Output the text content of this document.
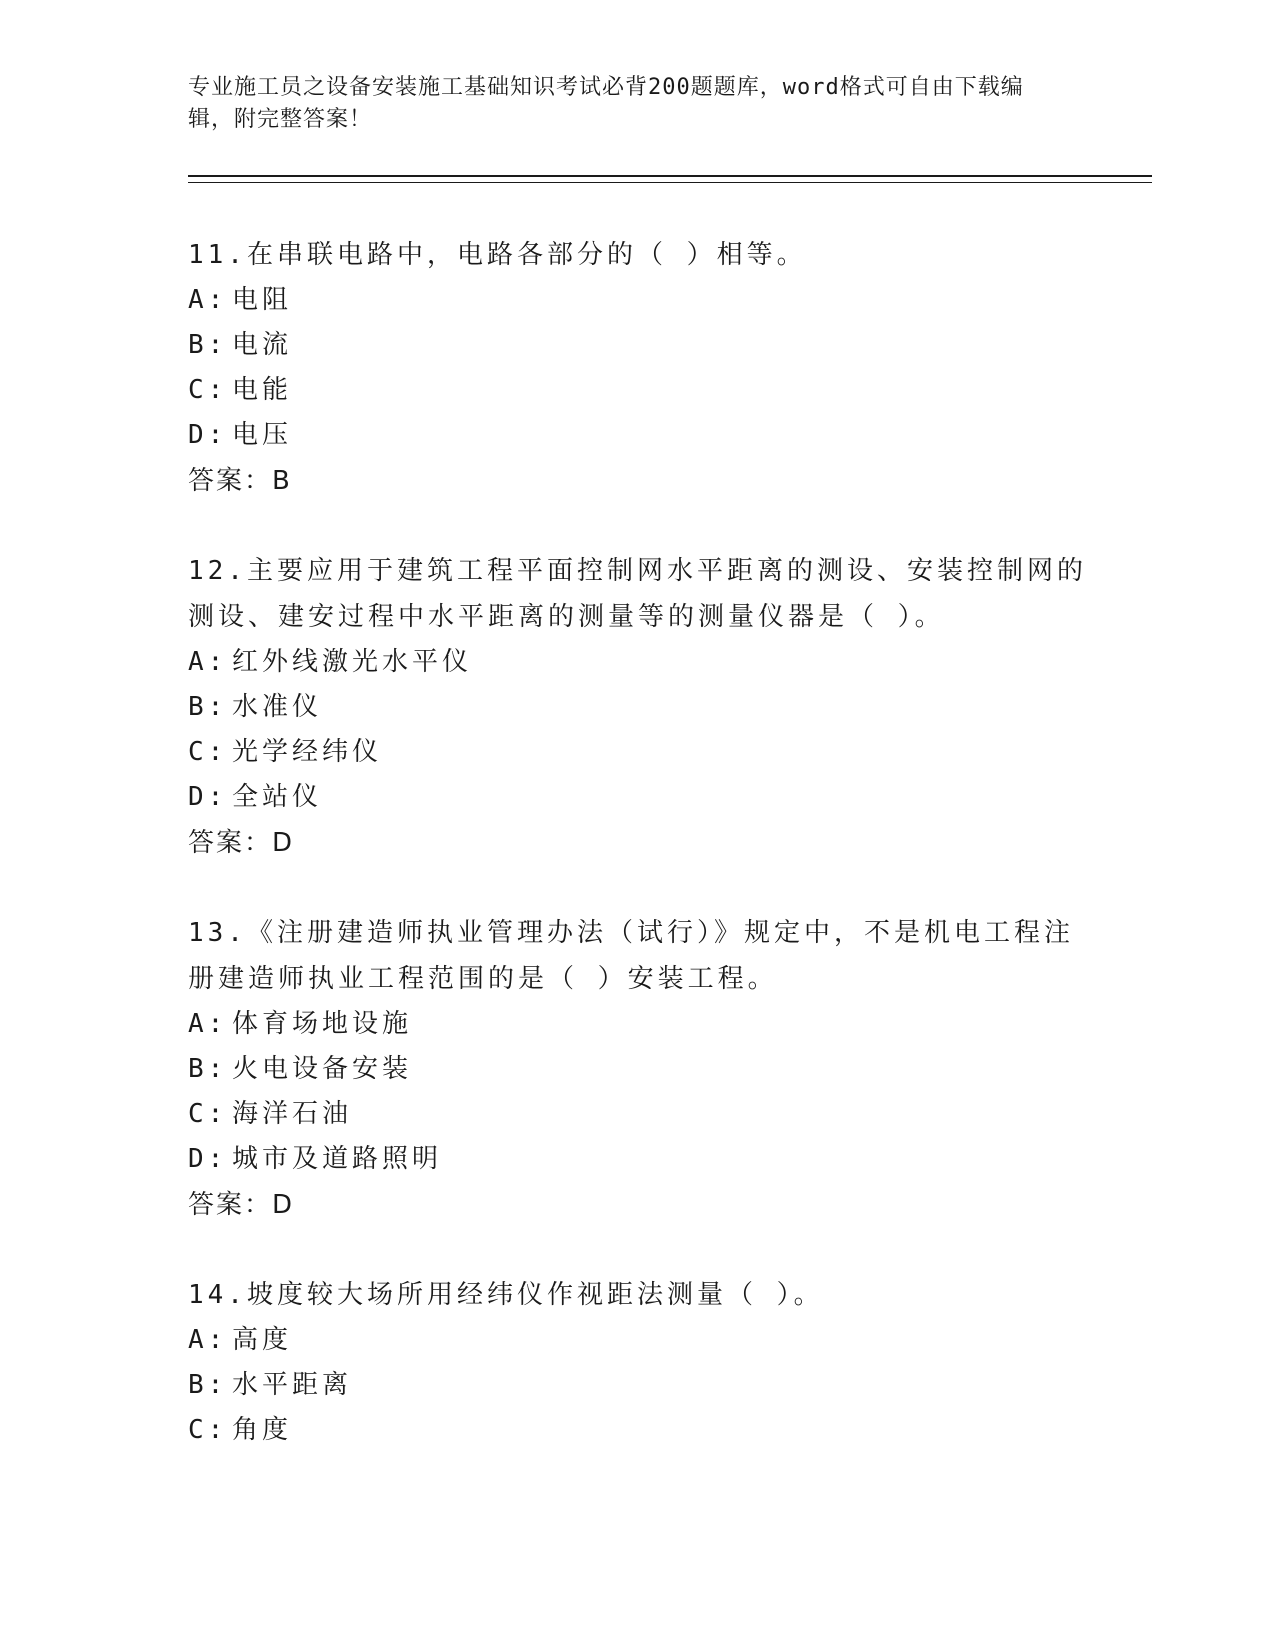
专业施工员之设备安装施工基础知识考试必背200题题库，word格式可自由下载编辑，附完整答案！
11.在串联电路中，电路各部分的（ ）相等。
A: 电阻
B: 电流
C: 电能
D: 电压
答案：B
12.主要应用于建筑工程平面控制网水平距离的测设、安装控制网的测设、建安过程中水平距离的测量等的测量仪器是（ ）。
A: 红外线激光水平仪
B: 水准仪
C: 光学经纬仪
D: 全站仪
答案：D
13.《注册建造师执业管理办法（试行）》规定中，不是机电工程注册建造师执业工程范围的是（ ）安装工程。
A: 体育场地设施
B: 火电设备安装
C: 海洋石油
D: 城市及道路照明
答案：D
14.坡度较大场所用经纬仪作视距法测量（ ）。
A: 高度
B: 水平距离
C: 角度
